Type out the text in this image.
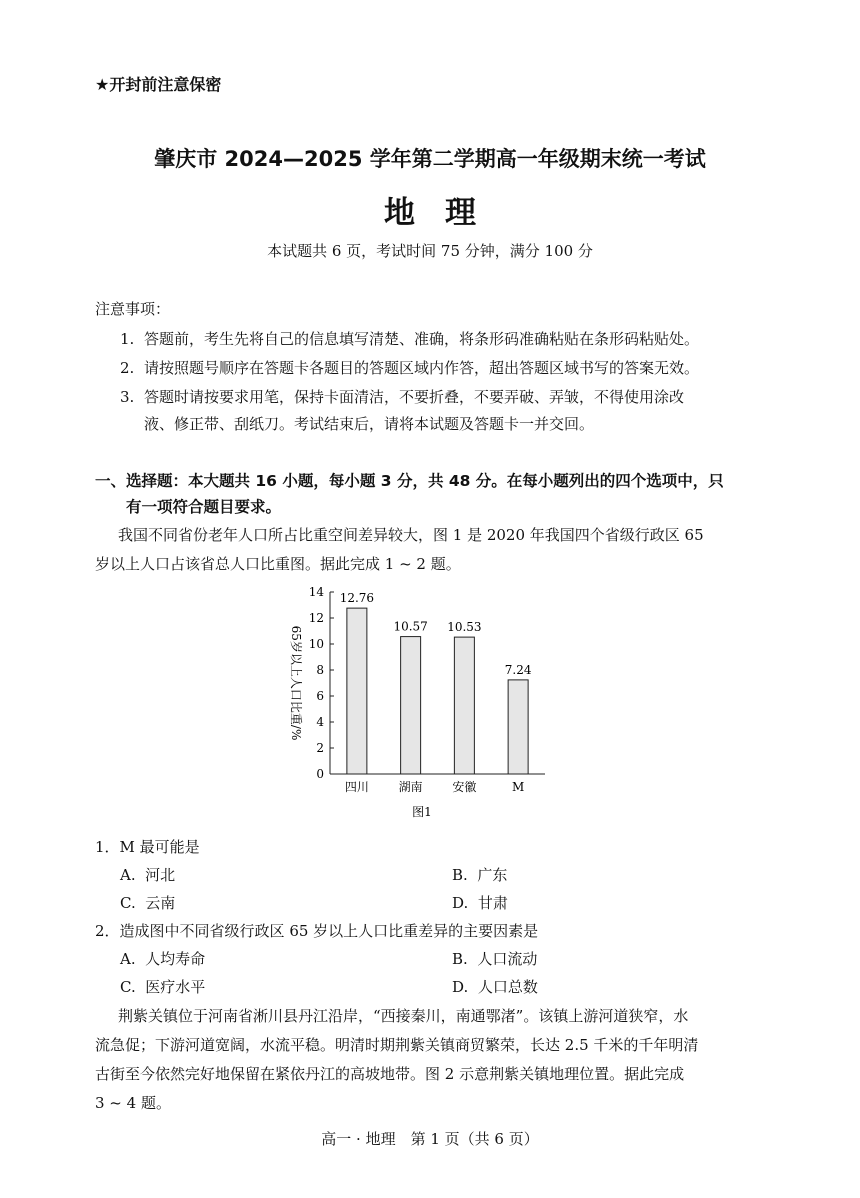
★开封前注意保密
肇庆市 2024—2025 学年第二学期高一年级期末统一考试
地理
本试题共 6 页，考试时间 75 分钟，满分 100 分
注意事项：
1. 答题前，考生先将自己的信息填写清楚、准确，将条形码准确粘贴在条形码粘贴处。
2. 请按照题号顺序在答题卡各题目的答题区域内作答，超出答题区域书写的答案无效。
3. 答题时请按要求用笔，保持卡面清洁，不要折叠，不要弄破、弄皱，不得使用涂改
液、修正带、刮纸刀。考试结束后，请将本试题及答题卡一并交回。
一、选择题：本大题共 16 小题，每小题 3 分，共 48 分。在每小题列出的四个选项中，只
有一项符合题目要求。
我国不同省份老年人口所占比重空间差异较大，图 1 是 2020 年我国四个省级行政区 65
岁以上人口占该省总人口比重图。据此完成 1 ~ 2 题。
0
2
4
6
8
10
12
14 12.76
10.57 10.53
7.24
四川 湖南 安徽	M
65岁以上人口比重/%
图1
1．M 最可能是
A. 河北	B. 广东
C. 云南	D. 甘肃
2．造成图中不同省级行政区 65 岁以上人口比重差异的主要因素是
A. 人均寿命	B. 人口流动
C. 医疗水平	D. 人口总数
荆紫关镇位于河南省淅川县丹江沿岸，“西接秦川，南通鄂渚”。该镇上游河道狭窄，水
流急促；下游河道宽阔，水流平稳。明清时期荆紫关镇商贸繁荣，长达 2.5 千米的千年明清
古街至今依然完好地保留在紧依丹江的高坡地带。图 2 示意荆紫关镇地理位置。据此完成
3 ~ 4 题。
高一 · 地理　第 1 页（共 6 页）
